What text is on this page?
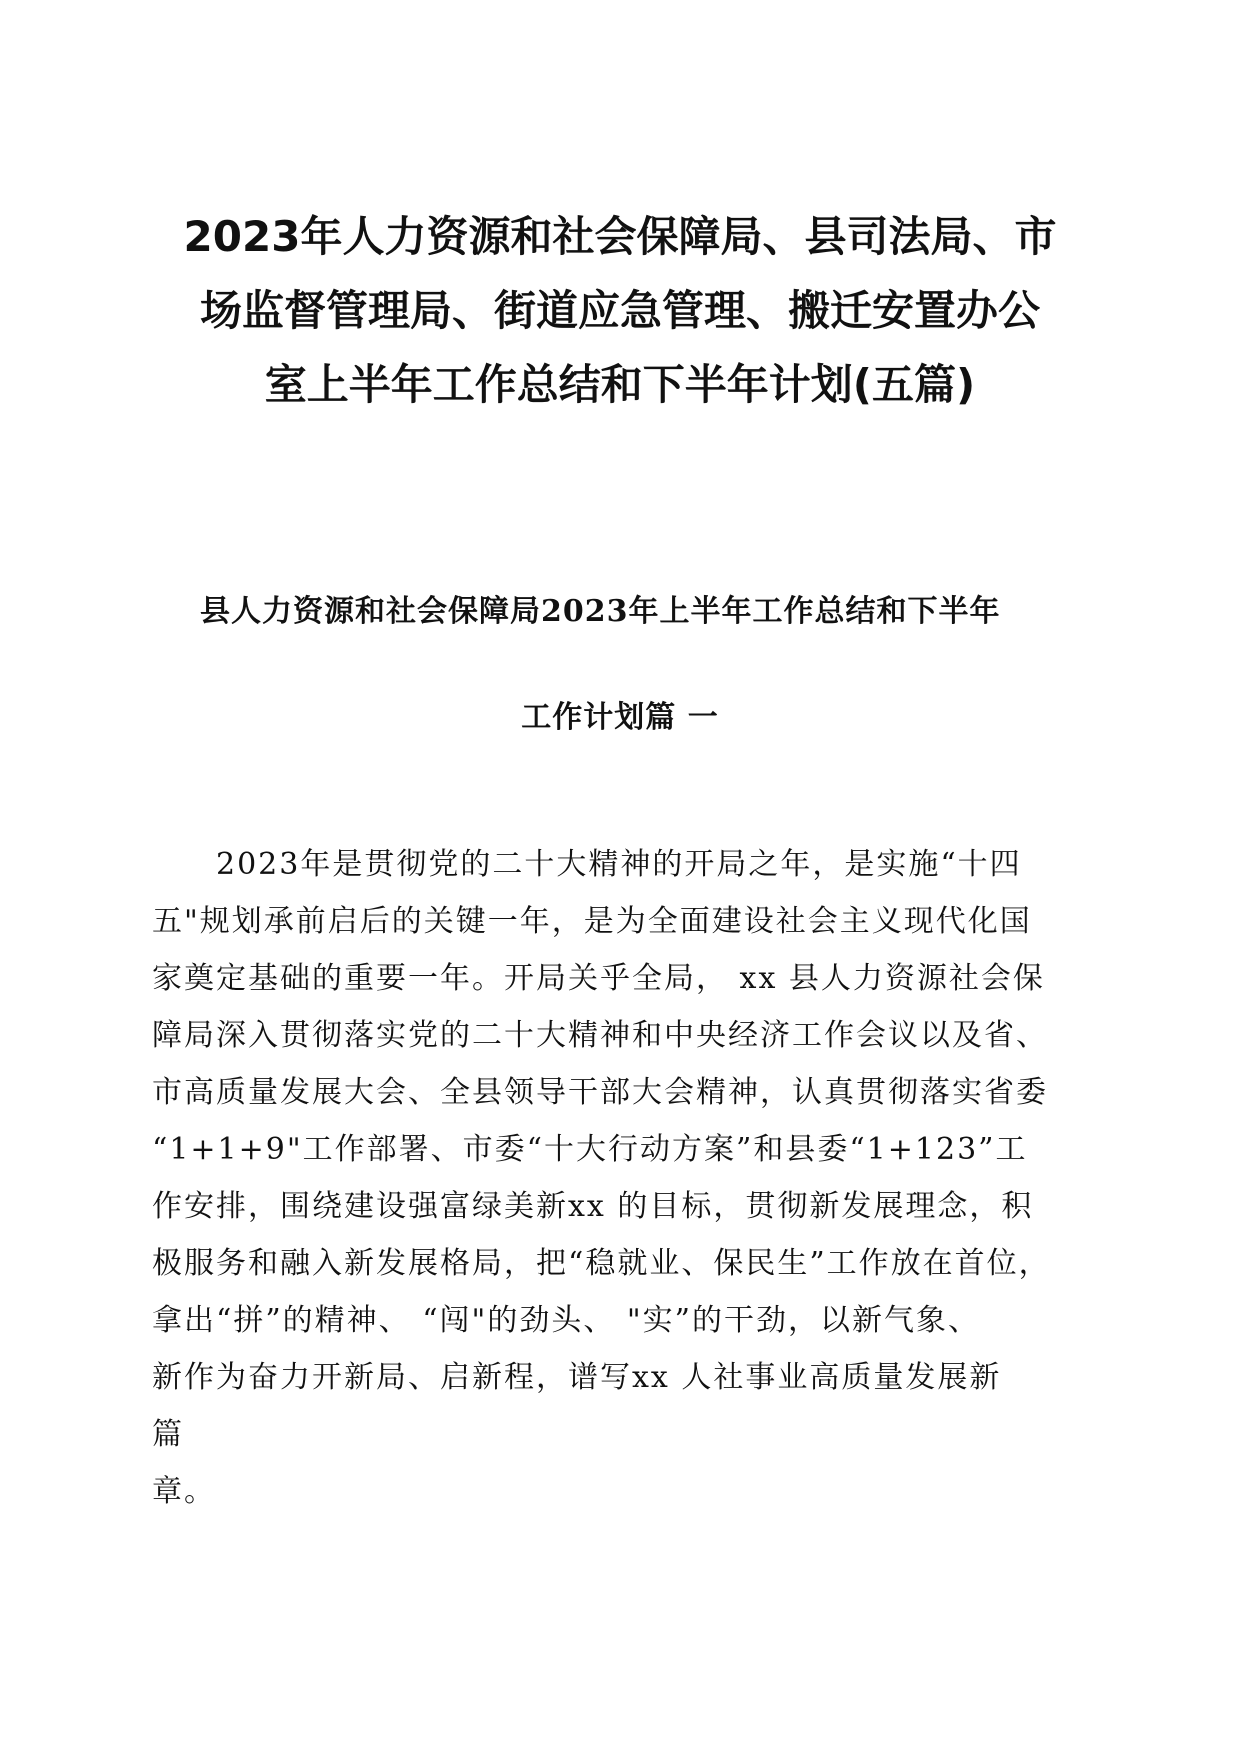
2023年人力资源和社会保障局、县司法局、市
场监督管理局、街道应急管理、搬迁安置办公
室上半年工作总结和下半年计划(五篇)
县人力资源和社会保障局2023年上半年工作总结和下半年
工作计划篇 一
　　2023年是贯彻党的二十大精神的开局之年，是实施“十四
五"规划承前启后的关键一年，是为全面建设社会主义现代化国
家奠定基础的重要一年。开局关乎全局， xx 县人力资源社会保
障局深入贯彻落实党的二十大精神和中央经济工作会议以及省、
市高质量发展大会、全县领导干部大会精神，认真贯彻落实省委
“1+1+9"工作部署、市委“十大行动方案”和县委“1+123”工
作安排，围绕建设强富绿美新xx 的目标，贯彻新发展理念，积
极服务和融入新发展格局，把“稳就业、保民生”工作放在首位，
拿出“拼”的精神、 “闯"的劲头、 "实”的干劲，以新气象、
新作为奋力开新局、启新程，谱写xx 人社事业高质量发展新
篇
章。
